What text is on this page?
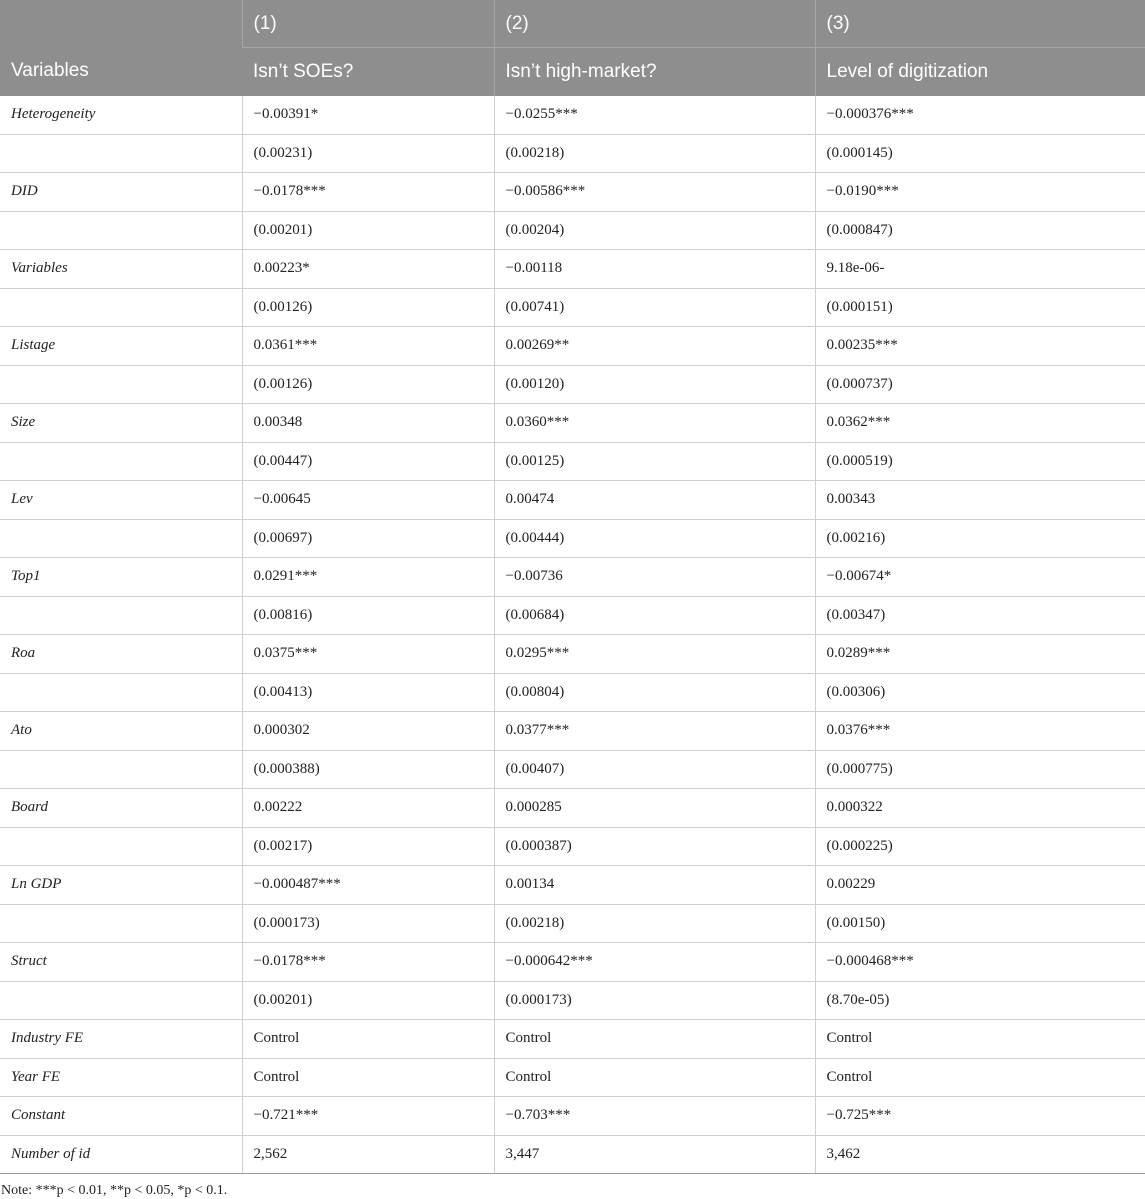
Variables	(1)	(2)	(3)
	Isn’t SOEs?	Isn’t high-market?	Level of digitization
Heterogeneity	−0.00391*	−0.0255***	−0.000376***
	(0.00231)	(0.00218)	(0.000145)
DID	−0.0178***	−0.00586***	−0.0190***
	(0.00201)	(0.00204)	(0.000847)
Variables	0.00223*	−0.00118	9.18e-06-
	(0.00126)	(0.00741)	(0.000151)
Listage	0.0361***	0.00269**	0.00235***
	(0.00126)	(0.00120)	(0.000737)
Size	0.00348	0.0360***	0.0362***
	(0.00447)	(0.00125)	(0.000519)
Lev	−0.00645	0.00474	0.00343
	(0.00697)	(0.00444)	(0.00216)
Top1	0.0291***	−0.00736	−0.00674*
	(0.00816)	(0.00684)	(0.00347)
Roa	0.0375***	0.0295***	0.0289***
	(0.00413)	(0.00804)	(0.00306)
Ato	0.000302	0.0377***	0.0376***
	(0.000388)	(0.00407)	(0.000775)
Board	0.00222	0.000285	0.000322
	(0.00217)	(0.000387)	(0.000225)
Ln GDP	−0.000487***	0.00134	0.00229
	(0.000173)	(0.00218)	(0.00150)
Struct	−0.0178***	−0.000642***	−0.000468***
	(0.00201)	(0.000173)	(8.70e-05)
Industry FE	Control	Control	Control
Year FE	Control	Control	Control
Constant	−0.721***	−0.703***	−0.725***
Number of id	2,562	3,447	3,462
Note: ***p < 0.01, **p < 0.05, *p < 0.1.
